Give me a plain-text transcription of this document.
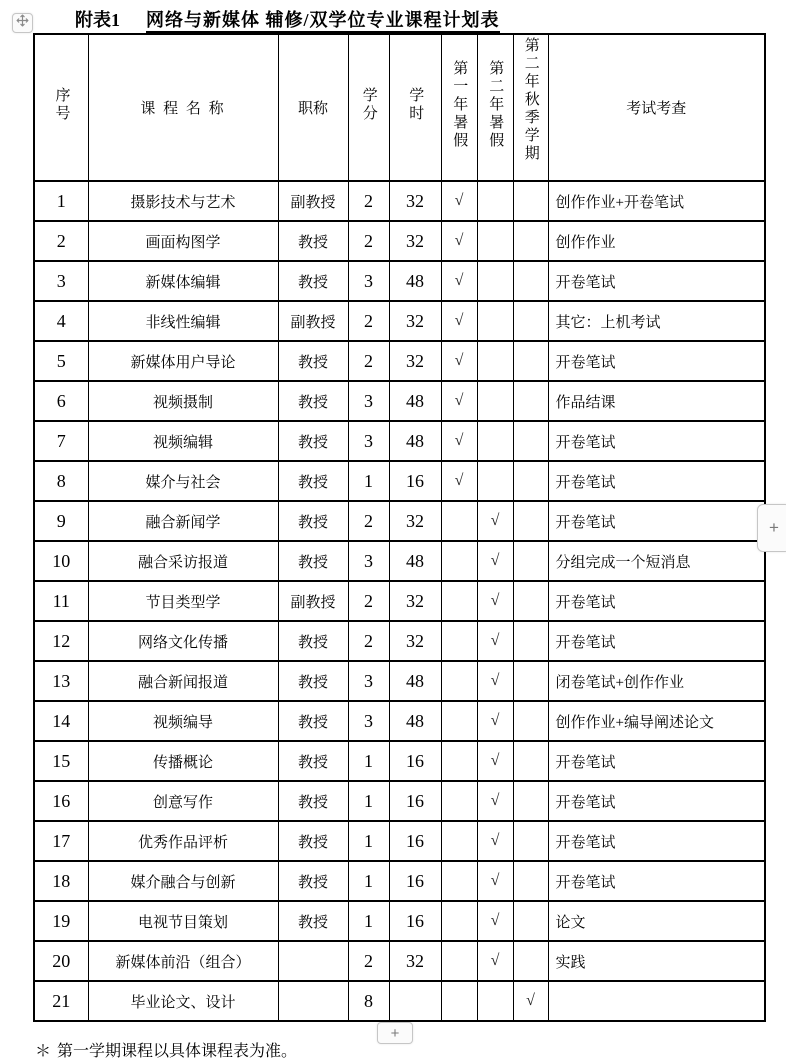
附表1 网络与新媒体 辅修/双学位专业课程计划表
序号	课 程 名 称	职称	学分	学时	第一年暑假	第二年暑假	第二年秋季学期	考试考查
1	摄影技术与艺术	副教授	2	32	√			创作作业+开卷笔试
2	画面构图学	教授	2	32	√			创作作业
3	新媒体编辑	教授	3	48	√			开卷笔试
4	非线性编辑	副教授	2	32	√			其它：上机考试
5	新媒体用户导论	教授	2	32	√			开卷笔试
6	视频摄制	教授	3	48	√			作品结课
7	视频编辑	教授	3	48	√			开卷笔试
8	媒介与社会	教授	1	16	√			开卷笔试
9	融合新闻学	教授	2	32		√		开卷笔试
10	融合采访报道	教授	3	48		√		分组完成一个短消息
11	节目类型学	副教授	2	32		√		开卷笔试
12	网络文化传播	教授	2	32		√		开卷笔试
13	融合新闻报道	教授	3	48		√		闭卷笔试+创作作业
14	视频编导	教授	3	48		√		创作作业+编导阐述论文
15	传播概论	教授	1	16		√		开卷笔试
16	创意写作	教授	1	16		√		开卷笔试
17	优秀作品评析	教授	1	16		√		开卷笔试
18	媒介融合与创新	教授	1	16		√		开卷笔试
19	电视节目策划	教授	1	16		√		论文
20	新媒体前沿（组合）		2	32		√		实践
21	毕业论文、设计		8				√	
＊ 第一学期课程以具体课程表为准。
+
+
